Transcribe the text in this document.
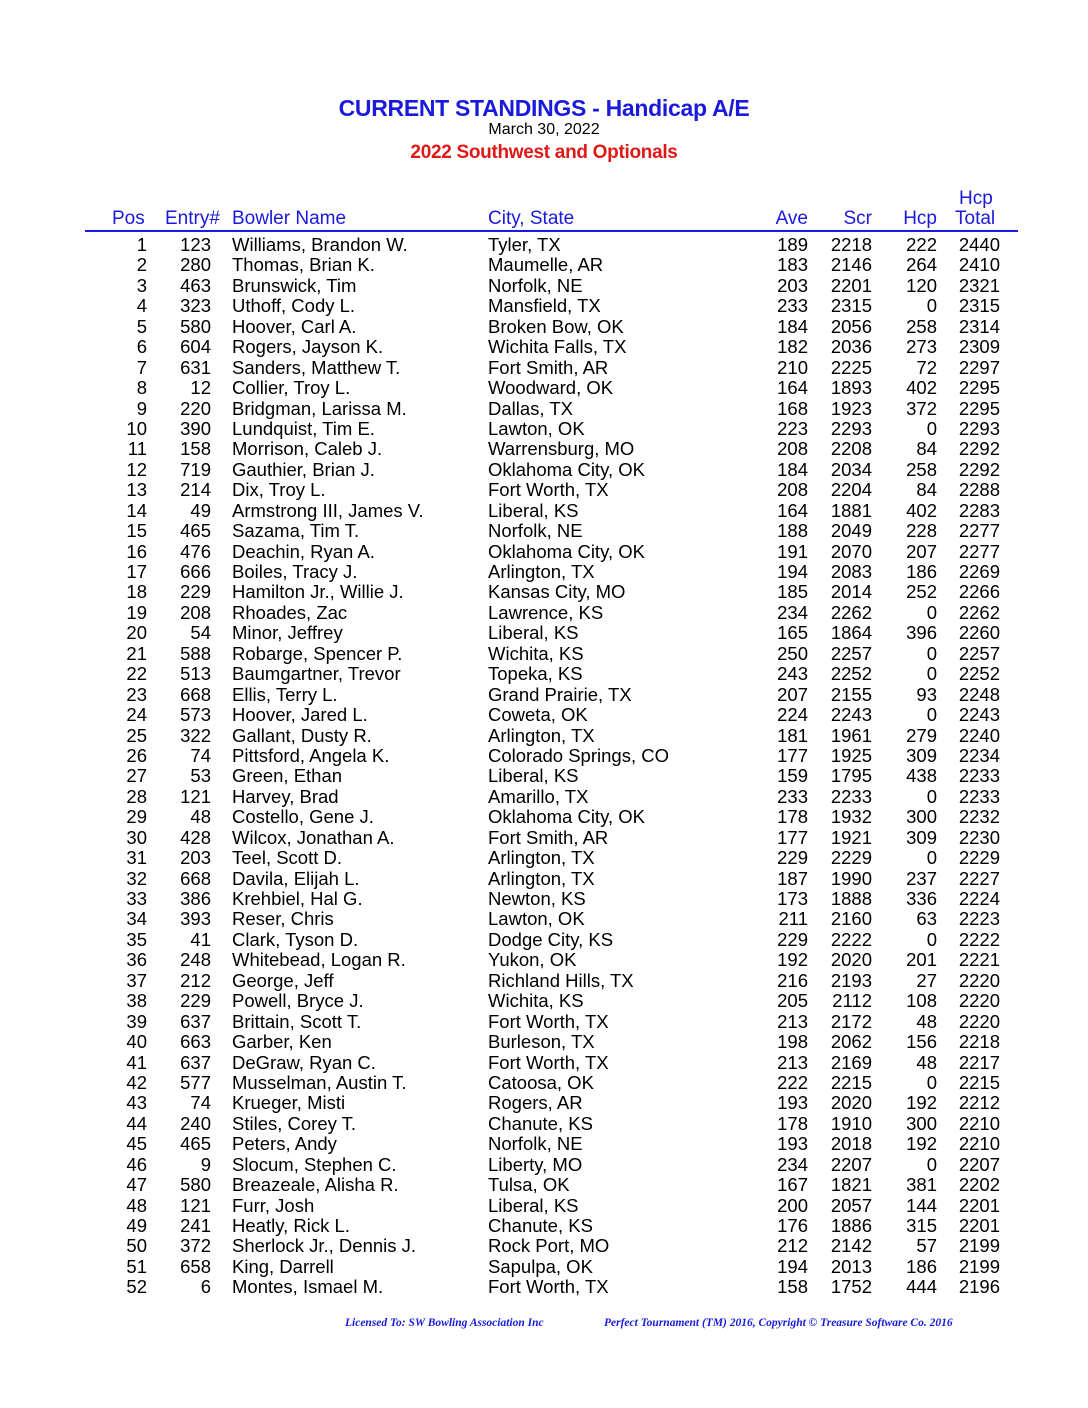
CURRENT STANDINGS - Handicap A/E
March 30, 2022
2022 Southwest and Optionals
Pos Entry# Bowler Name	City, State	Ave	Scr	Hcp
Hcp
Total
1	123 Williams, Brandon W.	Tyler, TX	189	2218	222	2440
2	280 Thomas, Brian K.	Maumelle, AR	183	2146	264	2410
3	463 Brunswick, Tim	Norfolk, NE	203	2201	120	2321
4	323 Uthoff, Cody L.	Mansfield, TX	233	2315	0	2315
5	580 Hoover, Carl A.	Broken Bow, OK	184	2056	258	2314
6	604 Rogers, Jayson K.	Wichita Falls, TX	182	2036	273	2309
7	631 Sanders, Matthew T.	Fort Smith, AR	210	2225	72	2297
8	12 Collier, Troy L.	Woodward, OK	164	1893	402	2295
9	220 Bridgman, Larissa M.	Dallas, TX	168	1923	372	2295
10	390 Lundquist, Tim E.	Lawton, OK	223	2293	0	2293
11	158 Morrison, Caleb J.	Warrensburg, MO	208	2208	84	2292
12	719 Gauthier, Brian J.	Oklahoma City, OK	184	2034	258	2292
13	214 Dix, Troy L.	Fort Worth, TX	208	2204	84	2288
14	49 Armstrong III, James V.	Liberal, KS	164	1881	402	2283
15	465 Sazama, Tim T.	Norfolk, NE	188	2049	228	2277
16	476 Deachin, Ryan A.	Oklahoma City, OK	191	2070	207	2277
17	666 Boiles, Tracy J.	Arlington, TX	194	2083	186	2269
18	229 Hamilton Jr., Willie J.	Kansas City, MO	185	2014	252	2266
19	208 Rhoades, Zac	Lawrence, KS	234	2262	0	2262
20	54 Minor, Jeffrey	Liberal, KS	165	1864	396	2260
21	588 Robarge, Spencer P.	Wichita, KS	250	2257	0	2257
22	513 Baumgartner, Trevor	Topeka, KS	243	2252	0	2252
23	668 Ellis, Terry L.	Grand Prairie, TX	207	2155	93	2248
24	573 Hoover, Jared L.	Coweta, OK	224	2243	0	2243
25	322 Gallant, Dusty R.	Arlington, TX	181	1961	279	2240
26	74 Pittsford, Angela K.	Colorado Springs, CO	177	1925	309	2234
27	53 Green, Ethan	Liberal, KS	159	1795	438	2233
28	121 Harvey, Brad	Amarillo, TX	233	2233	0	2233
29	48 Costello, Gene J.	Oklahoma City, OK	178	1932	300	2232
30	428 Wilcox, Jonathan A.	Fort Smith, AR	177	1921	309	2230
31	203 Teel, Scott D.	Arlington, TX	229	2229	0	2229
32	668 Davila, Elijah L.	Arlington, TX	187	1990	237	2227
33	386 Krehbiel, Hal G.	Newton, KS	173	1888	336	2224
34	393 Reser, Chris	Lawton, OK	211	2160	63	2223
35	41 Clark, Tyson D.	Dodge City, KS	229	2222	0	2222
36	248 Whitebead, Logan R.	Yukon, OK	192	2020	201	2221
37	212 George, Jeff	Richland Hills, TX	216	2193	27	2220
38	229 Powell, Bryce J.	Wichita, KS	205	2112	108	2220
39	637 Brittain, Scott T.	Fort Worth, TX	213	2172	48	2220
40	663 Garber, Ken	Burleson, TX	198	2062	156	2218
41	637 DeGraw, Ryan C.	Fort Worth, TX	213	2169	48	2217
42	577 Musselman, Austin T.	Catoosa, OK	222	2215	0	2215
43	74 Krueger, Misti	Rogers, AR	193	2020	192	2212
44	240 Stiles, Corey T.	Chanute, KS	178	1910	300	2210
45	465 Peters, Andy	Norfolk, NE	193	2018	192	2210
46	9 Slocum, Stephen C.	Liberty, MO	234	2207	0	2207
47	580 Breazeale, Alisha R.	Tulsa, OK	167	1821	381	2202
48	121 Furr, Josh	Liberal, KS	200	2057	144	2201
49	241 Heatly, Rick L.	Chanute, KS	176	1886	315	2201
50	372 Sherlock Jr., Dennis J.	Rock Port, MO	212	2142	57	2199
51	658 King, Darrell	Sapulpa, OK	194	2013	186	2199
52	6 Montes, Ismael M.	Fort Worth, TX	158	1752	444	2196
Licensed To: SW Bowling Association Inc	Perfect Tournament (TM) 2016, Copyright © Treasure Software Co. 2016
